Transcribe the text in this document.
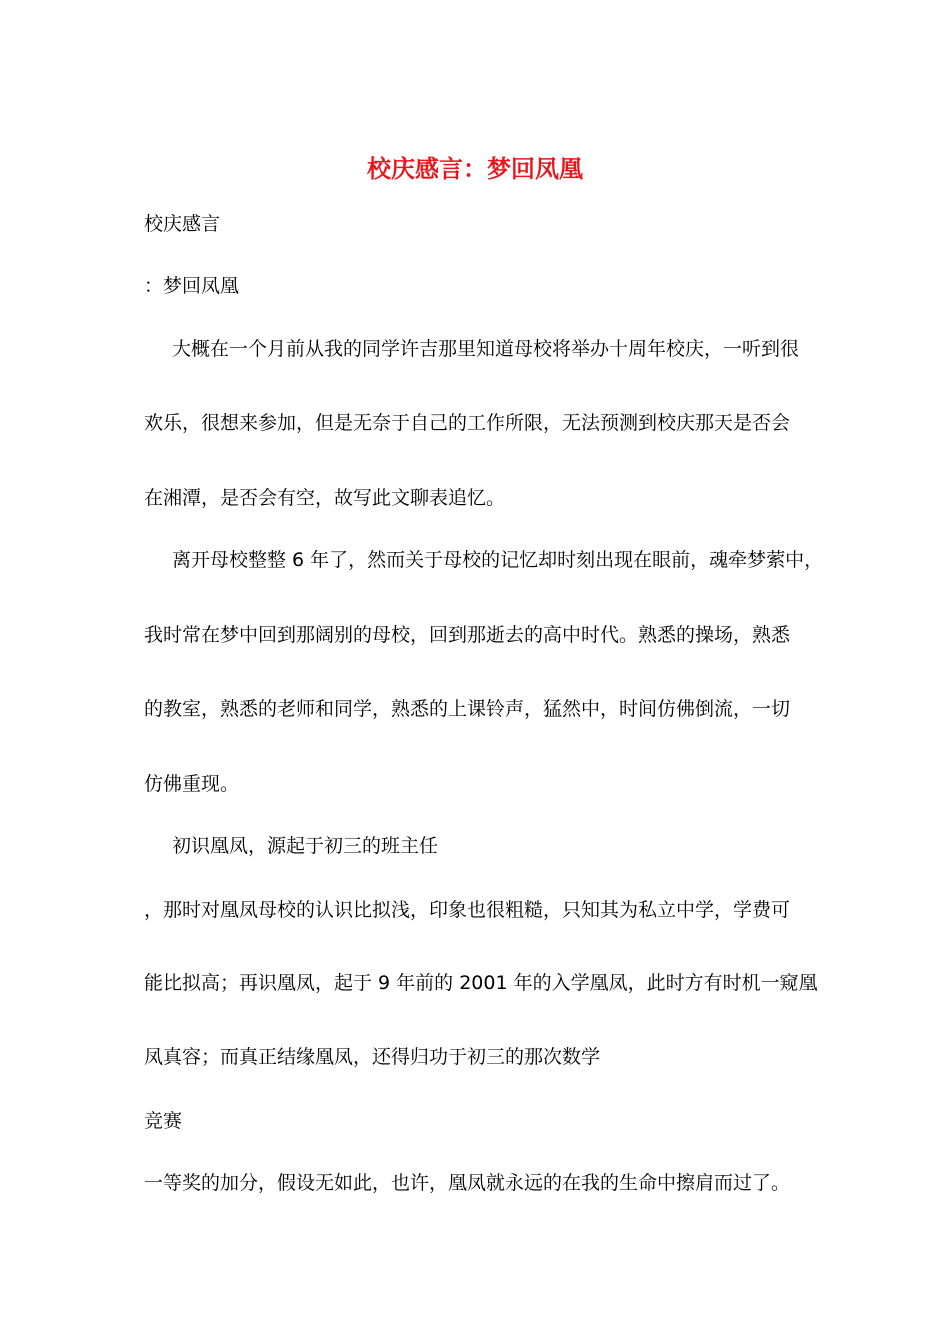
校庆感言：梦回凤凰

校庆感言

：梦回凤凰

大概在一个月前从我的同学许吉那里知道母校将举办十周年校庆，一听到很

欢乐，很想来参加，但是无奈于自己的工作所限，无法预测到校庆那天是否会

在湘潭，是否会有空，故写此文聊表追忆。

离开母校整整 6 年了，然而关于母校的记忆却时刻出现在眼前，魂牵梦萦中，

我时常在梦中回到那阔别的母校，回到那逝去的高中时代。熟悉的操场，熟悉

的教室，熟悉的老师和同学，熟悉的上课铃声，猛然中，时间仿佛倒流，一切

仿佛重现。

初识凰凤，源起于初三的班主任

，那时对凰凤母校的认识比拟浅，印象也很粗糙，只知其为私立中学，学费可

能比拟高；再识凰凤，起于 9 年前的 2001 年的入学凰凤，此时方有时机一窥凰

凤真容；而真正结缘凰凤，还得归功于初三的那次数学

竞赛

一等奖的加分，假设无如此，也许，凰凤就永远的在我的生命中擦肩而过了。
